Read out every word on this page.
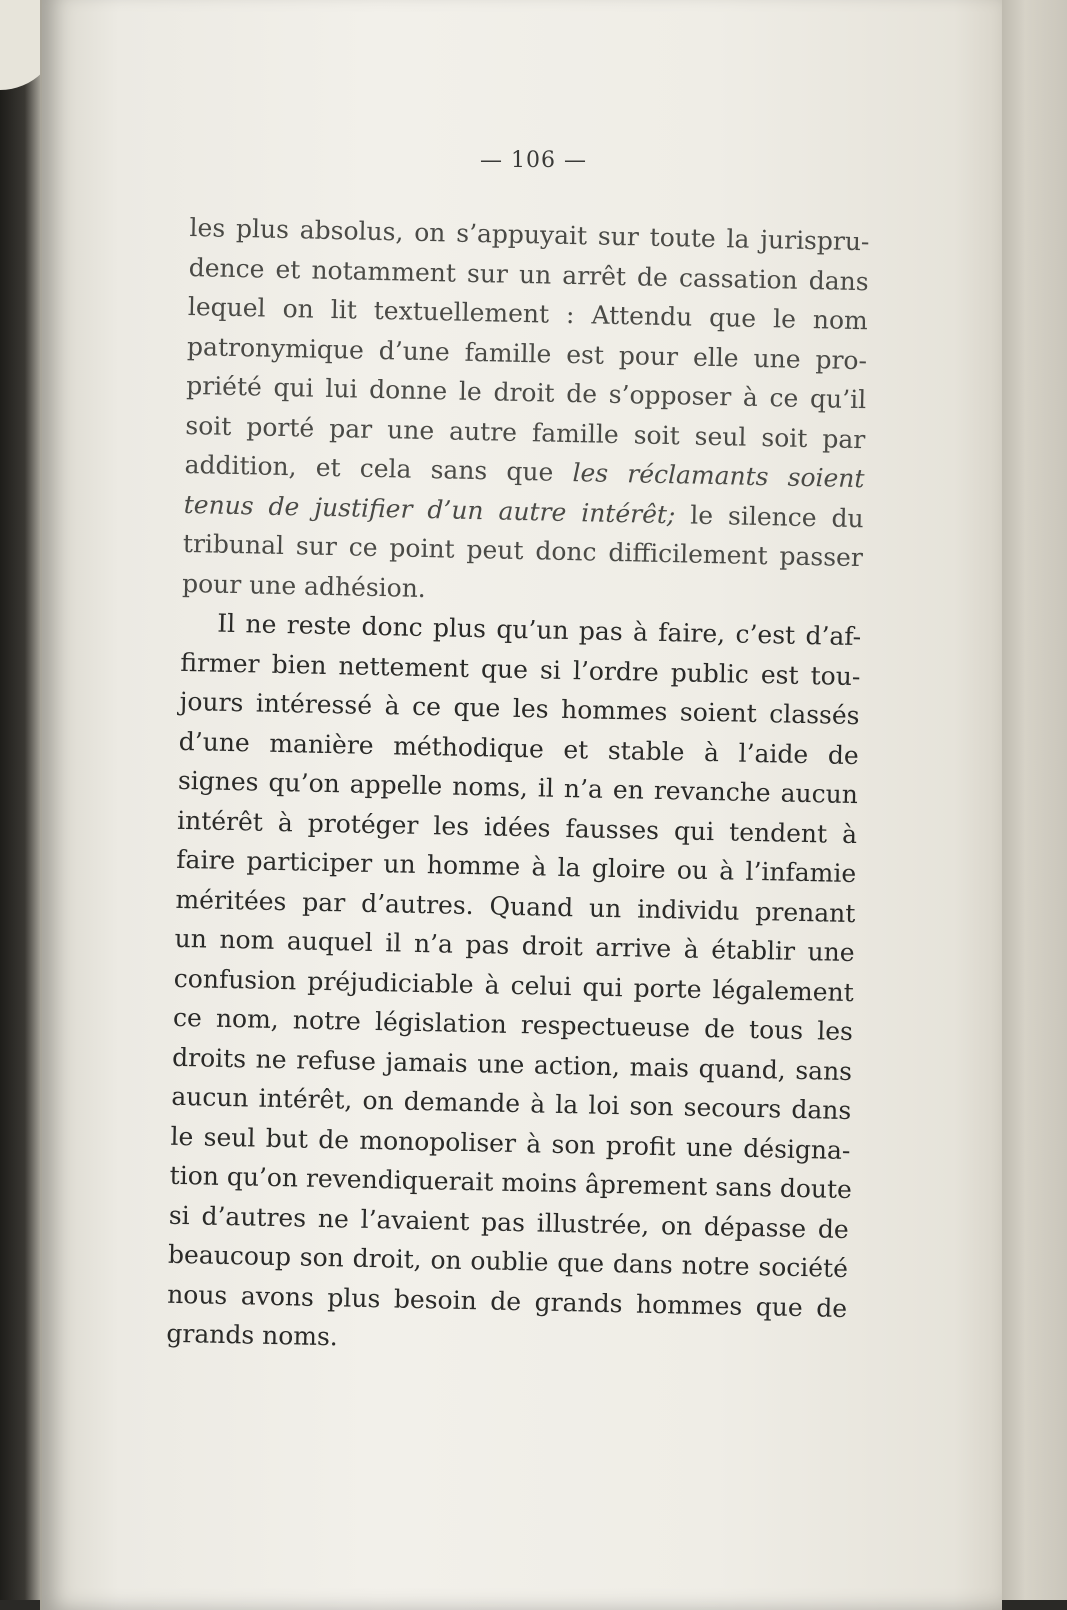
— 106 —
les plus absolus, on s’appuyait sur toute la jurispru-
dence et notamment sur un arrêt de cassation dans
lequel on lit textuellement : Attendu que le nom
patronymique d’une famille est pour elle une pro-
priété qui lui donne le droit de s’opposer à ce qu’il
soit porté par une autre famille soit seul soit par
addition, et cela sans que les réclamants soient
tenus de justifier d’un autre intérêt; le silence du
tribunal sur ce point peut donc difficilement passer
pour une adhésion.
Il ne reste donc plus qu’un pas à faire, c’est d’af-
firmer bien nettement que si l’ordre public est tou-
jours intéressé à ce que les hommes soient classés
d’une manière méthodique et stable à l’aide de
signes qu’on appelle noms, il n’a en revanche aucun
intérêt à protéger les idées fausses qui tendent à
faire participer un homme à la gloire ou à l’infamie
méritées par d’autres. Quand un individu prenant
un nom auquel il n’a pas droit arrive à établir une
confusion préjudiciable à celui qui porte légalement
ce nom, notre législation respectueuse de tous les
droits ne refuse jamais une action, mais quand, sans
aucun intérêt, on demande à la loi son secours dans
le seul but de monopoliser à son profit une désigna-
tion qu’on revendiquerait moins âprement sans doute
si d’autres ne l’avaient pas illustrée, on dépasse de
beaucoup son droit, on oublie que dans notre société
nous avons plus besoin de grands hommes que de
grands noms.
